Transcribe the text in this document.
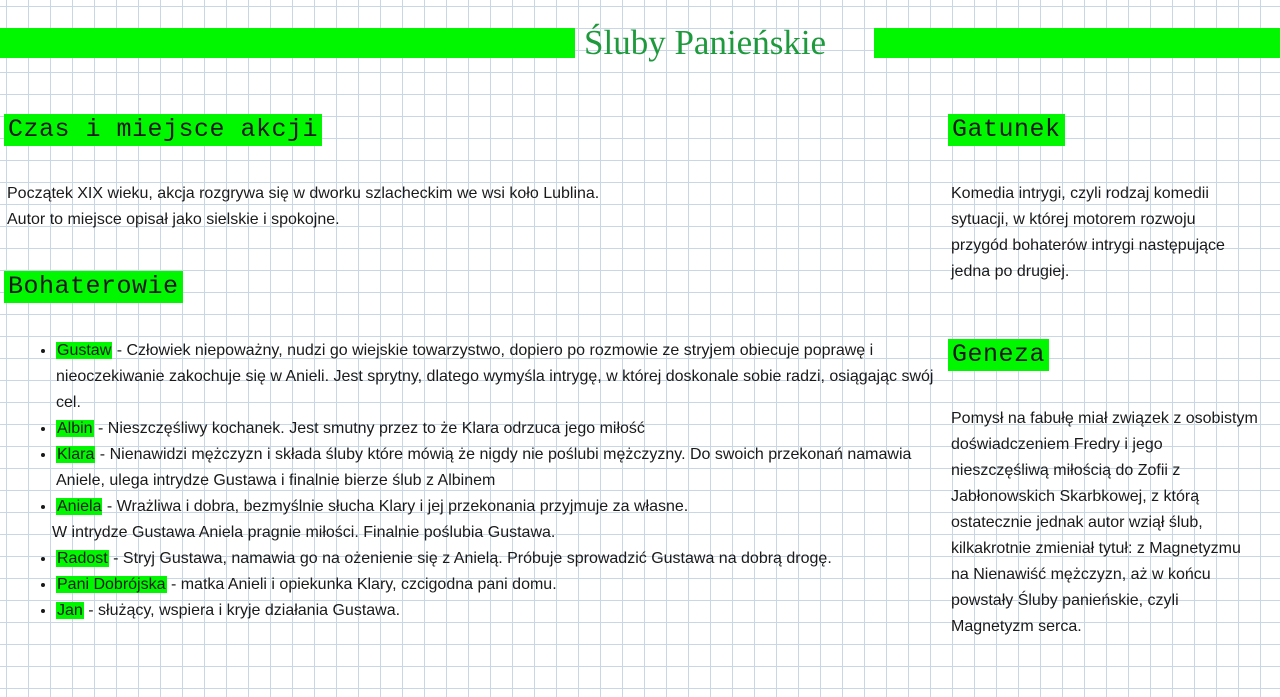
Śluby Panieńskie
Czas i miejsce akcji

Początek XIX wieku, akcja rozgrywa się w dworku szlacheckim we wsi koło Lublina.

Autor to miejsce opisał jako sielskie i spokojne.

Bohaterowie
• Gustaw - Człowiek niepoważny, nudzi go wiejskie towarzystwo, dopiero po rozmowie ze stryjem obiecuje poprawę i nieoczekiwanie zakochuje się w Anieli. Jest sprytny, dlatego wymyśla intrygę, w której doskonale sobie radzi, osiągając swój cel.
• Albin - Nieszczęśliwy kochanek. Jest smutny przez to że Klara odrzuca jego miłość
• Klara - Nienawidzi mężczyzn i składa śluby które mówią że nigdy nie poślubi mężczyzny. Do swoich przekonań namawia Aniele, ulega intrydze Gustawa i finalnie bierze ślub z Albinem
• Aniela - Wrażliwa i dobra, bezmyślnie słucha Klary i jej przekonania przyjmuje za własne.
W intrydze Gustawa Aniela pragnie miłości. Finalnie poślubia Gustawa.
• Radost - Stryj Gustawa, namawia go na ożenienie się z Anielą. Próbuje sprowadzić Gustawa na dobrą drogę.
• Pani Dobrójska - matka Anieli i opiekunka Klary, czcigodna pani domu.
• Jan - służący, wspiera i kryje działania Gustawa.
Gatunek
Komedia intrygi, czyli rodzaj komedii sytuacji, w której motorem rozwoju przygód bohaterów intrygi następujące jedna po drugiej.
Geneza
Pomysł na fabułę miał związek z osobistym doświadczeniem Fredry i jego nieszczęśliwą miłością do Zofii z Jabłonowskich Skarbkowej, z którą ostatecznie jednak autor wziął ślub, kilkakrotnie zmieniał tytuł: z Magnetyzmu na Nienawiść mężczyzn, aż w końcu powstały Śluby panieńskie, czyli Magnetyzm serca.
